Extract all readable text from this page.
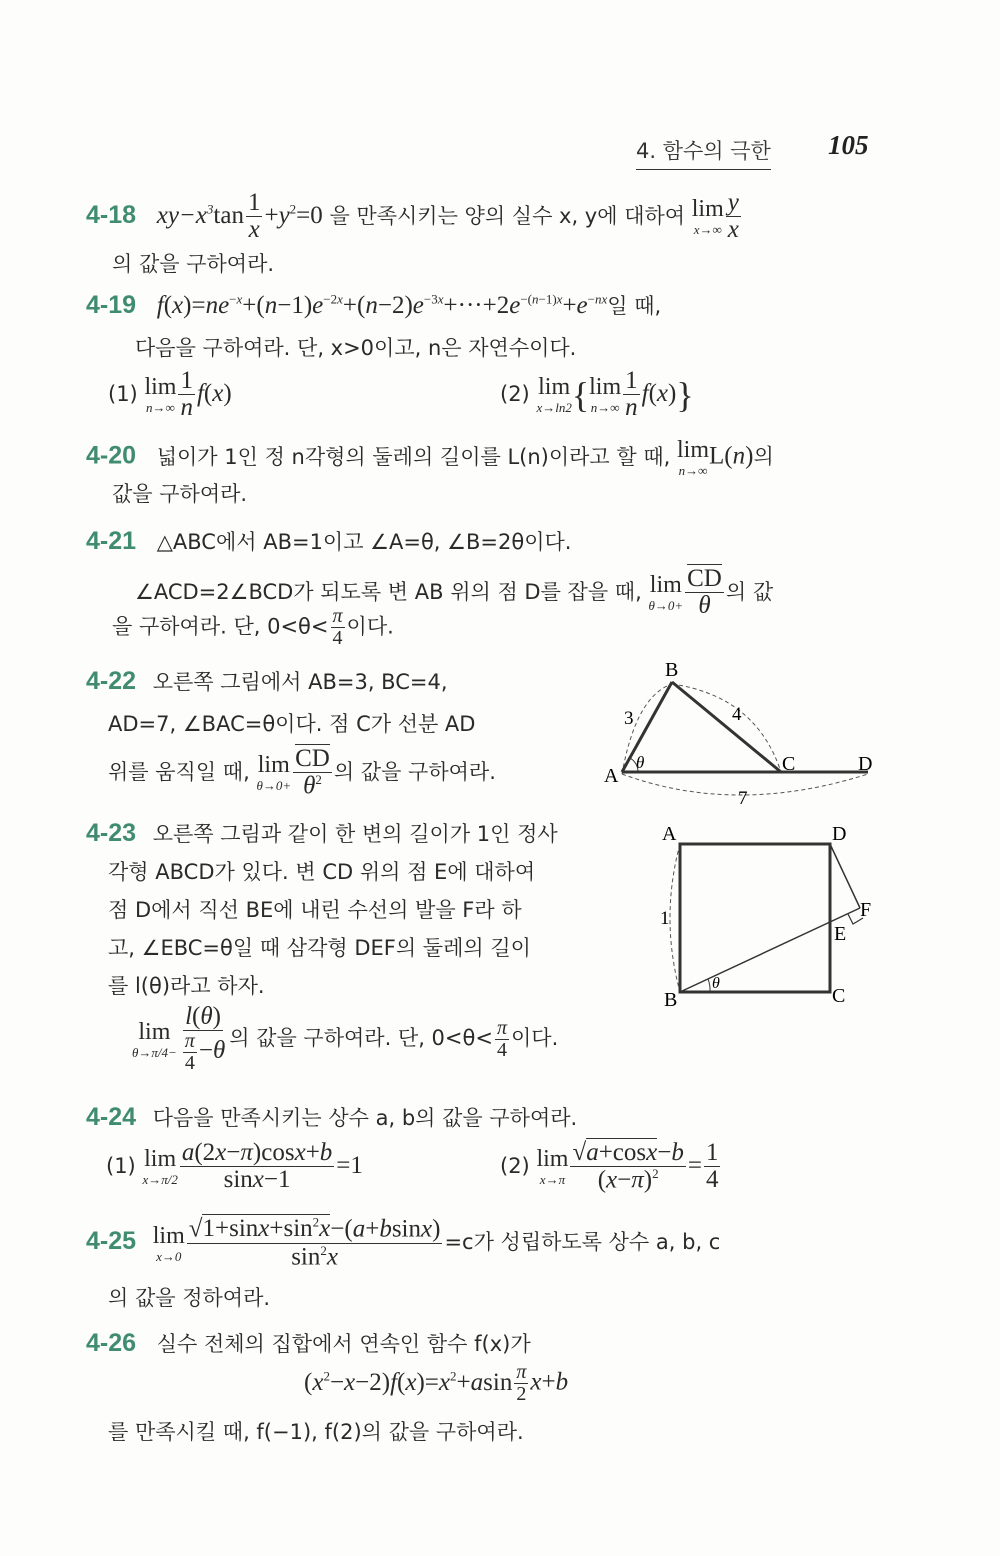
4. 함수의 극한 105
4-18 $xy-x^3\tan \frac{1}{x} +y^2=0$ 을 만족시키는 양의 실수 x, y에 대하여 lim
$x\to\infty \frac{y}{x}$
의 값을 구하여라.
4-19 $f(x)=ne^{-x}+(n-1)e^{-2x}+(n-2)e^{-3x}+\cdot\cdot\cdot+2e^{-(n-1)x}+e^{-nx}$일 때,
다음을 구하여라. 단, x>0이고, n은 자연수이다.
(1) lim
$n\to\infty \frac{1}{n} f(x)$	(2) lim
x→ln2 { lim
$n\to\infty \frac{1}{n} f(x)$}
4-20 넓이가 1인 정 n각형의 둘레의 길이를 L(n)이라고 할 때, lim
n→∞
L(n)의
값을 구하여라.
4-21 △ABC에서 AB=1이고 ∠A=θ, ∠B=2θ이다.
∠ACD=2∠BCD가 되도록 변 AB 위의 점 D를 잡을 때, lim
$\theta\to 0+ \frac{CD}{\theta}$ 의 값
을 구하여라. 단, $0<\theta< \frac{\pi}{4}$ 이다.
4-22 오른쪽 그림에서 AB=3, BC=4,
AD=7, ∠BAC=θ이다. 점 C가 선분 AD
위를 움직일 때, lim
$\theta\to 0+ \frac{CD}{\theta^2}$ 의 값을 구하여라.
B
A
C	D
θ
3	4
7
4-23 오른쪽 그림과 같이 한 변의 길이가 1인 정사
각형 ABCD가 있다. 변 CD 위의 점 E에 대하여
점 D에서 직선 BE에 내린 수선의 발을 F라 하
고, ∠EBC=θ일 때 삼각형 DEF의 둘레의 길이
를 l(θ)라고 하자.
lim
$\theta\to\pi/4- \frac{l(\theta)}{\frac{\pi}{4} -\theta}$ 의 값을 구하여라. 단, $0<\theta< \frac{\pi}{4}$ 이다.
A	D
B	C
E
F
θ
1
4-24 다음을 만족시키는 상수 a, b의 값을 구하여라.
(1) lim
$x\to\pi/2 \frac{a(2x-\pi)\cos x+b}{\sin x-1} =1$	(2) lim
$x\to\pi \frac{√a+\cos x-b}{(x-\pi)^2} = \frac{1}{4}$
4-25 lim
$x\to 0 \frac{√1+\sin x+\sin^2x-(a+bsinx)}{\sin^2x} =c$가 성립하도록 상수 a, b, c
의 값을 정하여라.
4-26 실수 전체의 집합에서 연속인 함수 f(x)가
$(x^2-x-2)f(x)=x^2+asin \frac{\pi}{2} x+b$
를 만족시킬 때, f(−1), f(2)의 값을 구하여라.
